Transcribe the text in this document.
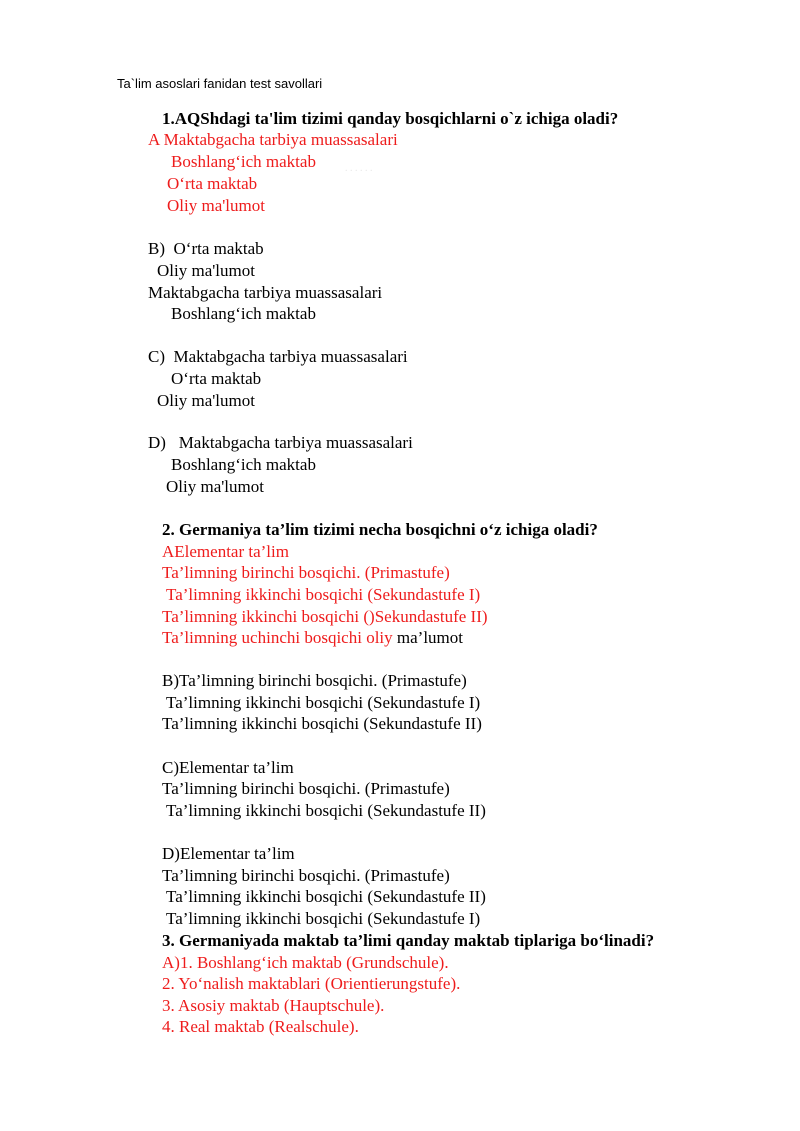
Ta`lim asoslari fanidan test savollari
1.AQShdagi ta'lim tizimi qanday bosqichlarni o`z ichiga oladi?
A Maktabgacha tarbiya muassasalari
Boshlang‘ich maktab	. . . . . .
O‘rta maktab
Oliy ma'lumot
B)  O‘rta maktab
Oliy ma'lumot
Maktabgacha tarbiya muassasalari
Boshlang‘ich maktab
C)  Maktabgacha tarbiya muassasalari
O‘rta maktab
Oliy ma'lumot
D)   Maktabgacha tarbiya muassasalari
Boshlang‘ich maktab
Oliy ma'lumot
2. Germaniya ta’lim tizimi necha bosqichni o‘z ichiga oladi?
AElementar ta’lim
Ta’limning birinchi bosqichi. (Primastufe)
Ta’limning ikkinchi bosqichi (Sekundastufe I)
Ta’limning ikkinchi bosqichi ()Sekundastufe II)
Ta’limning uchinchi bosqichi oliy ma’lumot
B)Ta’limning birinchi bosqichi. (Primastufe)
Ta’limning ikkinchi bosqichi (Sekundastufe I)
Ta’limning ikkinchi bosqichi (Sekundastufe II)
C)Elementar ta’lim
Ta’limning birinchi bosqichi. (Primastufe)
Ta’limning ikkinchi bosqichi (Sekundastufe II)
D)Elementar ta’lim
Ta’limning birinchi bosqichi. (Primastufe)
Ta’limning ikkinchi bosqichi (Sekundastufe II)
Ta’limning ikkinchi bosqichi (Sekundastufe I)
3. Germaniyada maktab ta’limi qanday maktab tiplariga bo‘linadi?
A)1. Boshlang‘ich maktab (Grundschule).
2. Yo‘nalish maktablari (Orientierungstufe).
3. Asosiy maktab (Hauptschule).
4. Real maktab (Realschule).
